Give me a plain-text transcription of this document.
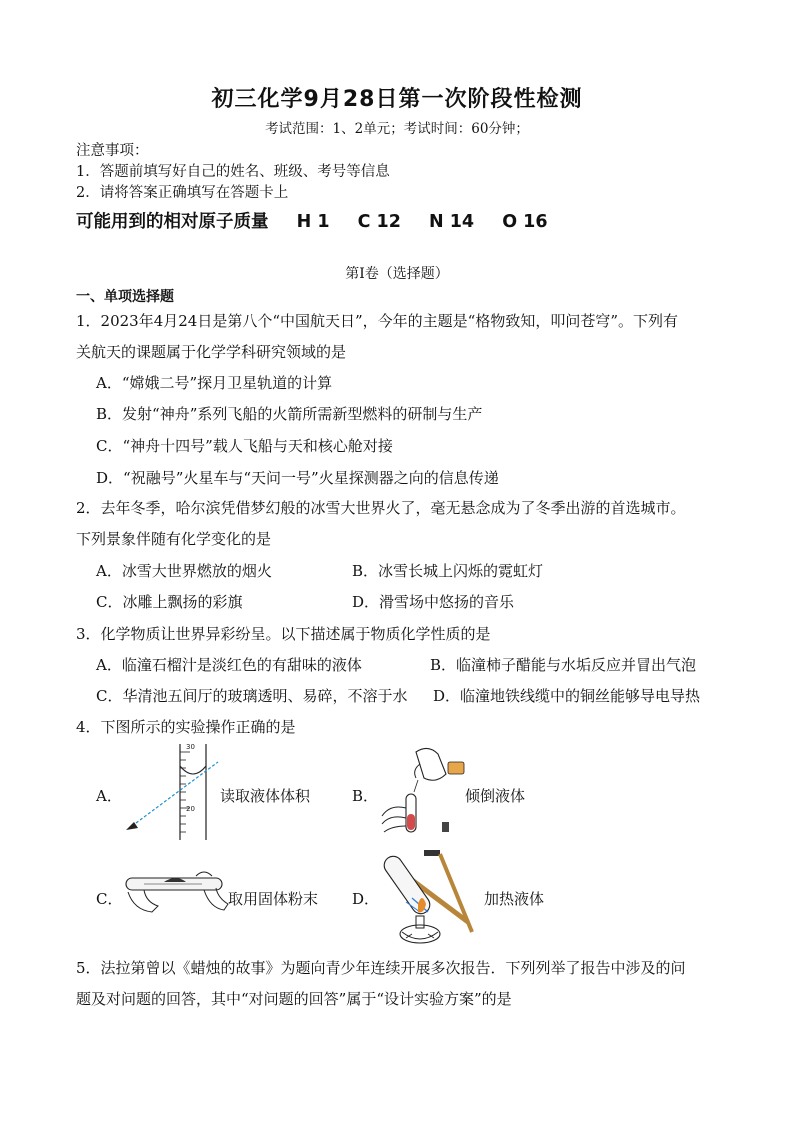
初三化学9月28日第一次阶段性检测
考试范围：1、2单元；考试时间：60分钟；
注意事项：
1．答题前填写好自己的姓名、班级、考号等信息
2．请将答案正确填写在答题卡上
可能用到的相对原子质量 H 1 C 12 N 14 O 16
第I卷（选择题）
一、单项选择题
1．2023年4月24日是第八个“中国航天日”，今年的主题是“格物致知，叩问苍穹”。下列有
关航天的课题属于化学学科研究领域的是
A．“嫦娥二号”探月卫星轨道的计算
B．发射“神舟”系列飞船的火箭所需新型燃料的研制与生产
C．“神舟十四号”载人飞船与天和核心舱对接
D．“祝融号”火星车与“天问一号”火星探测器之向的信息传递
2．去年冬季，哈尔滨凭借梦幻般的冰雪大世界火了，毫无悬念成为了冬季出游的首选城市。
下列景象伴随有化学变化的是
A．冰雪大世界燃放的烟火	B．冰雪长城上闪烁的霓虹灯
C．冰雕上飘扬的彩旗	D．滑雪场中悠扬的音乐
3．化学物质让世界异彩纷呈。以下描述属于物质化学性质的是
A．临潼石榴汁是淡红色的有甜味的液体	B．临潼柿子醋能与水垢反应并冒出气泡
C．华清池五间厅的玻璃透明、易碎，不溶于水 D．临潼地铁线缆中的铜丝能够导电导热
4．下图所示的实验操作正确的是
A．
30
20
读取液体体积	B．	倾倒液体
C．	取用固体粉末 D．	加热液体
5．法拉第曾以《蜡烛的故事》为题向青少年连续开展多次报告．下列列举了报告中涉及的问
题及对问题的回答，其中“对问题的回答”属于“设计实验方案”的是
